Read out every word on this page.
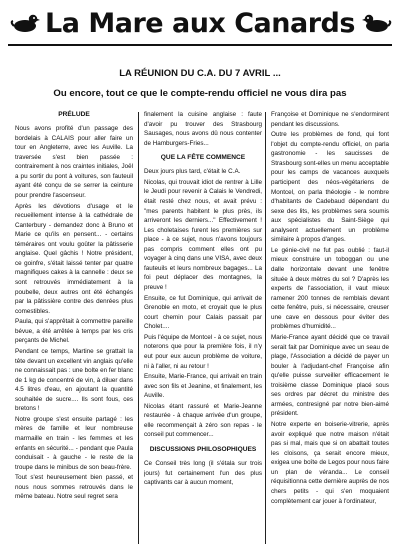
La Mare aux Canards
LA RÉUNION DU C.A. DU 7 AVRIL ...
Ou encore, tout ce que le compte-rendu officiel ne vous dira pas
PRÉLUDE

Nous avons profité d'un passage des bordelais à CALAIS pour aller faire un tour en Angleterre, avec les Auville. La traversée s'est bien passée : contrairement à nos craintes initiales, Joël a pu sortir du pont à voitures, son fauteuil ayant été conçu de se serrer la ceinture pour prendre l'ascenseur.

Après les dévotions d'usage et le recueillement intense à la cathédrale de Canterbury - demandez donc à Bruno et Marie ce qu'ils en pensent... - certains téméraires ont voulu goûter la pâtisserie anglaise. Quel gâchis ! Notre président, ce goinfre, s'était laissé tenter par quatre magnifiques cakes à la cannelle : deux se sont retrouvés immédiatement à la poubelle, deux autres ont été échangés par la pâtissière contre des denrées plus comestibles.

Paula, qui s'apprêtait à commettre pareille bévue, a été arrêtée à temps par les cris perçants de Michel.

Pendant ce temps, Martine se grattait la tête devant un excellent vin anglais qu'elle ne connaissait pas : une bolte en fer blanc de 1 kg de concentré de vin, à diluer dans 4.5 litres d'eau, en ajoutant la quantité souhaitée de sucre.... Ils sont fous, ces bretons !

Notre groupe s'est ensuite partagé : les mères de famille et leur nombreuse marmaille en train - les femmes et les enfants en sécurité... - pendant que Paula conduisait - à gauche - le reste de la troupe dans le minibus de son beau-frère.

Tout s'est heureusement bien passé, et nous nous sommes retrouvés dans le même bateau. Notre seul regret sera

finalement la cuisine anglaise : faute d'avoir pu trouver des Strasbourg Sausages, nous avons dû nous contenter de Hamburgers-Fries...

QUE LA FÊTE COMMENCE

Deux jours plus tard, c'était le C.A.

Nicolas, qui trouvait idiot de rentrer à Lille le Jeudi pour revenir à Calais le Vendredi, était resté chez nous, et avait prévu : "mes parents habitent le plus près, ils arriveront les derniers..." Effectivement ! Les choletaises furent les premières sur place - à ce sujet, nous n'avons toujours pas compris comment elles ont pu voyager à cinq dans une VISA, avec deux fauteuils et leurs nombreux bagages... La foi peut déplacer des montagnes, la preuve !

Ensuite, ce fut Dominique, qui arrivait de Grenoble en moto, et croyait que le plus court chemin pour Calais passait par Cholet....

Puis l'équipe de Montcel - à ce sujet, nous noterons que pour la première fois, il n'y eut pour eux aucun problème de voiture, ni à l'aller, ni au retour !

Ensuite, Marie-France, qui arrivait en train avec son fils et Jeanine, et finalement, les Auville.

Nicolas étant rassuré et Marie-Jeanne restaurée - à chaque arrivée d'un groupe, elle recommençait à zéro son repas - le conseil put commencer...

DISCUSSIONS PHILOSOPHIQUES

Ce Conseil très long (il s'étala sur trois jours) fut certainement l'un des plus captivants car à aucun moment,

Françoise et Dominique ne s'endormirent pendant les discussions.

Outre les problèmes de fond, qui font l'objet du compte-rendu officiel, on parla gastronomie - les saucisses de Strasbourg sont-elles un menu acceptable pour les camps de vacances auxquels participent des néos-végétariens de Montcel, on parla théologie - le nombre d'habitants de Cadebaud dépendant du sexe des lits, les problèmes sera soumis aux spécialistes du Saint-Siège qui analysent actuellement un problème similaire à propos d'anges.

Le génie-civil ne fut pas oublié : faut-il mieux construire un toboggan ou une dalle horizontale devant une fenêtre située à deux mètres du sol ? D'après les experts de l'association, il vaut mieux ramener 200 tonnes de remblais devant cette fenêtre, puis, si nécessaire, creuser une cave en dessous pour éviter des problèmes d'humidité...

Marie-France ayant décidé que ce travail serait fait par Dominique avec un seau de plage, l'Association a décidé de payer un bouler à l'adjudant-chef Françoise afin qu'elle puisse surveiller efficacement le troisième classe Dominique placé sous ses ordres par décret du ministre des armées, contresigné par notre bien-aimé président.

Notre experte en boiserie-vitrerie, après avoir expliqué que notre maison n'était pas si mal, mais que si on abattait toutes les cloisons, ça serait encore mieux, exigea une boîte de Legos pour nous faire un plan de véranda... Le conseil réquisitionna cette dernière auprès de nos chers petits - qui s'en moquaient complètement car jouer à l'ordinateur,
